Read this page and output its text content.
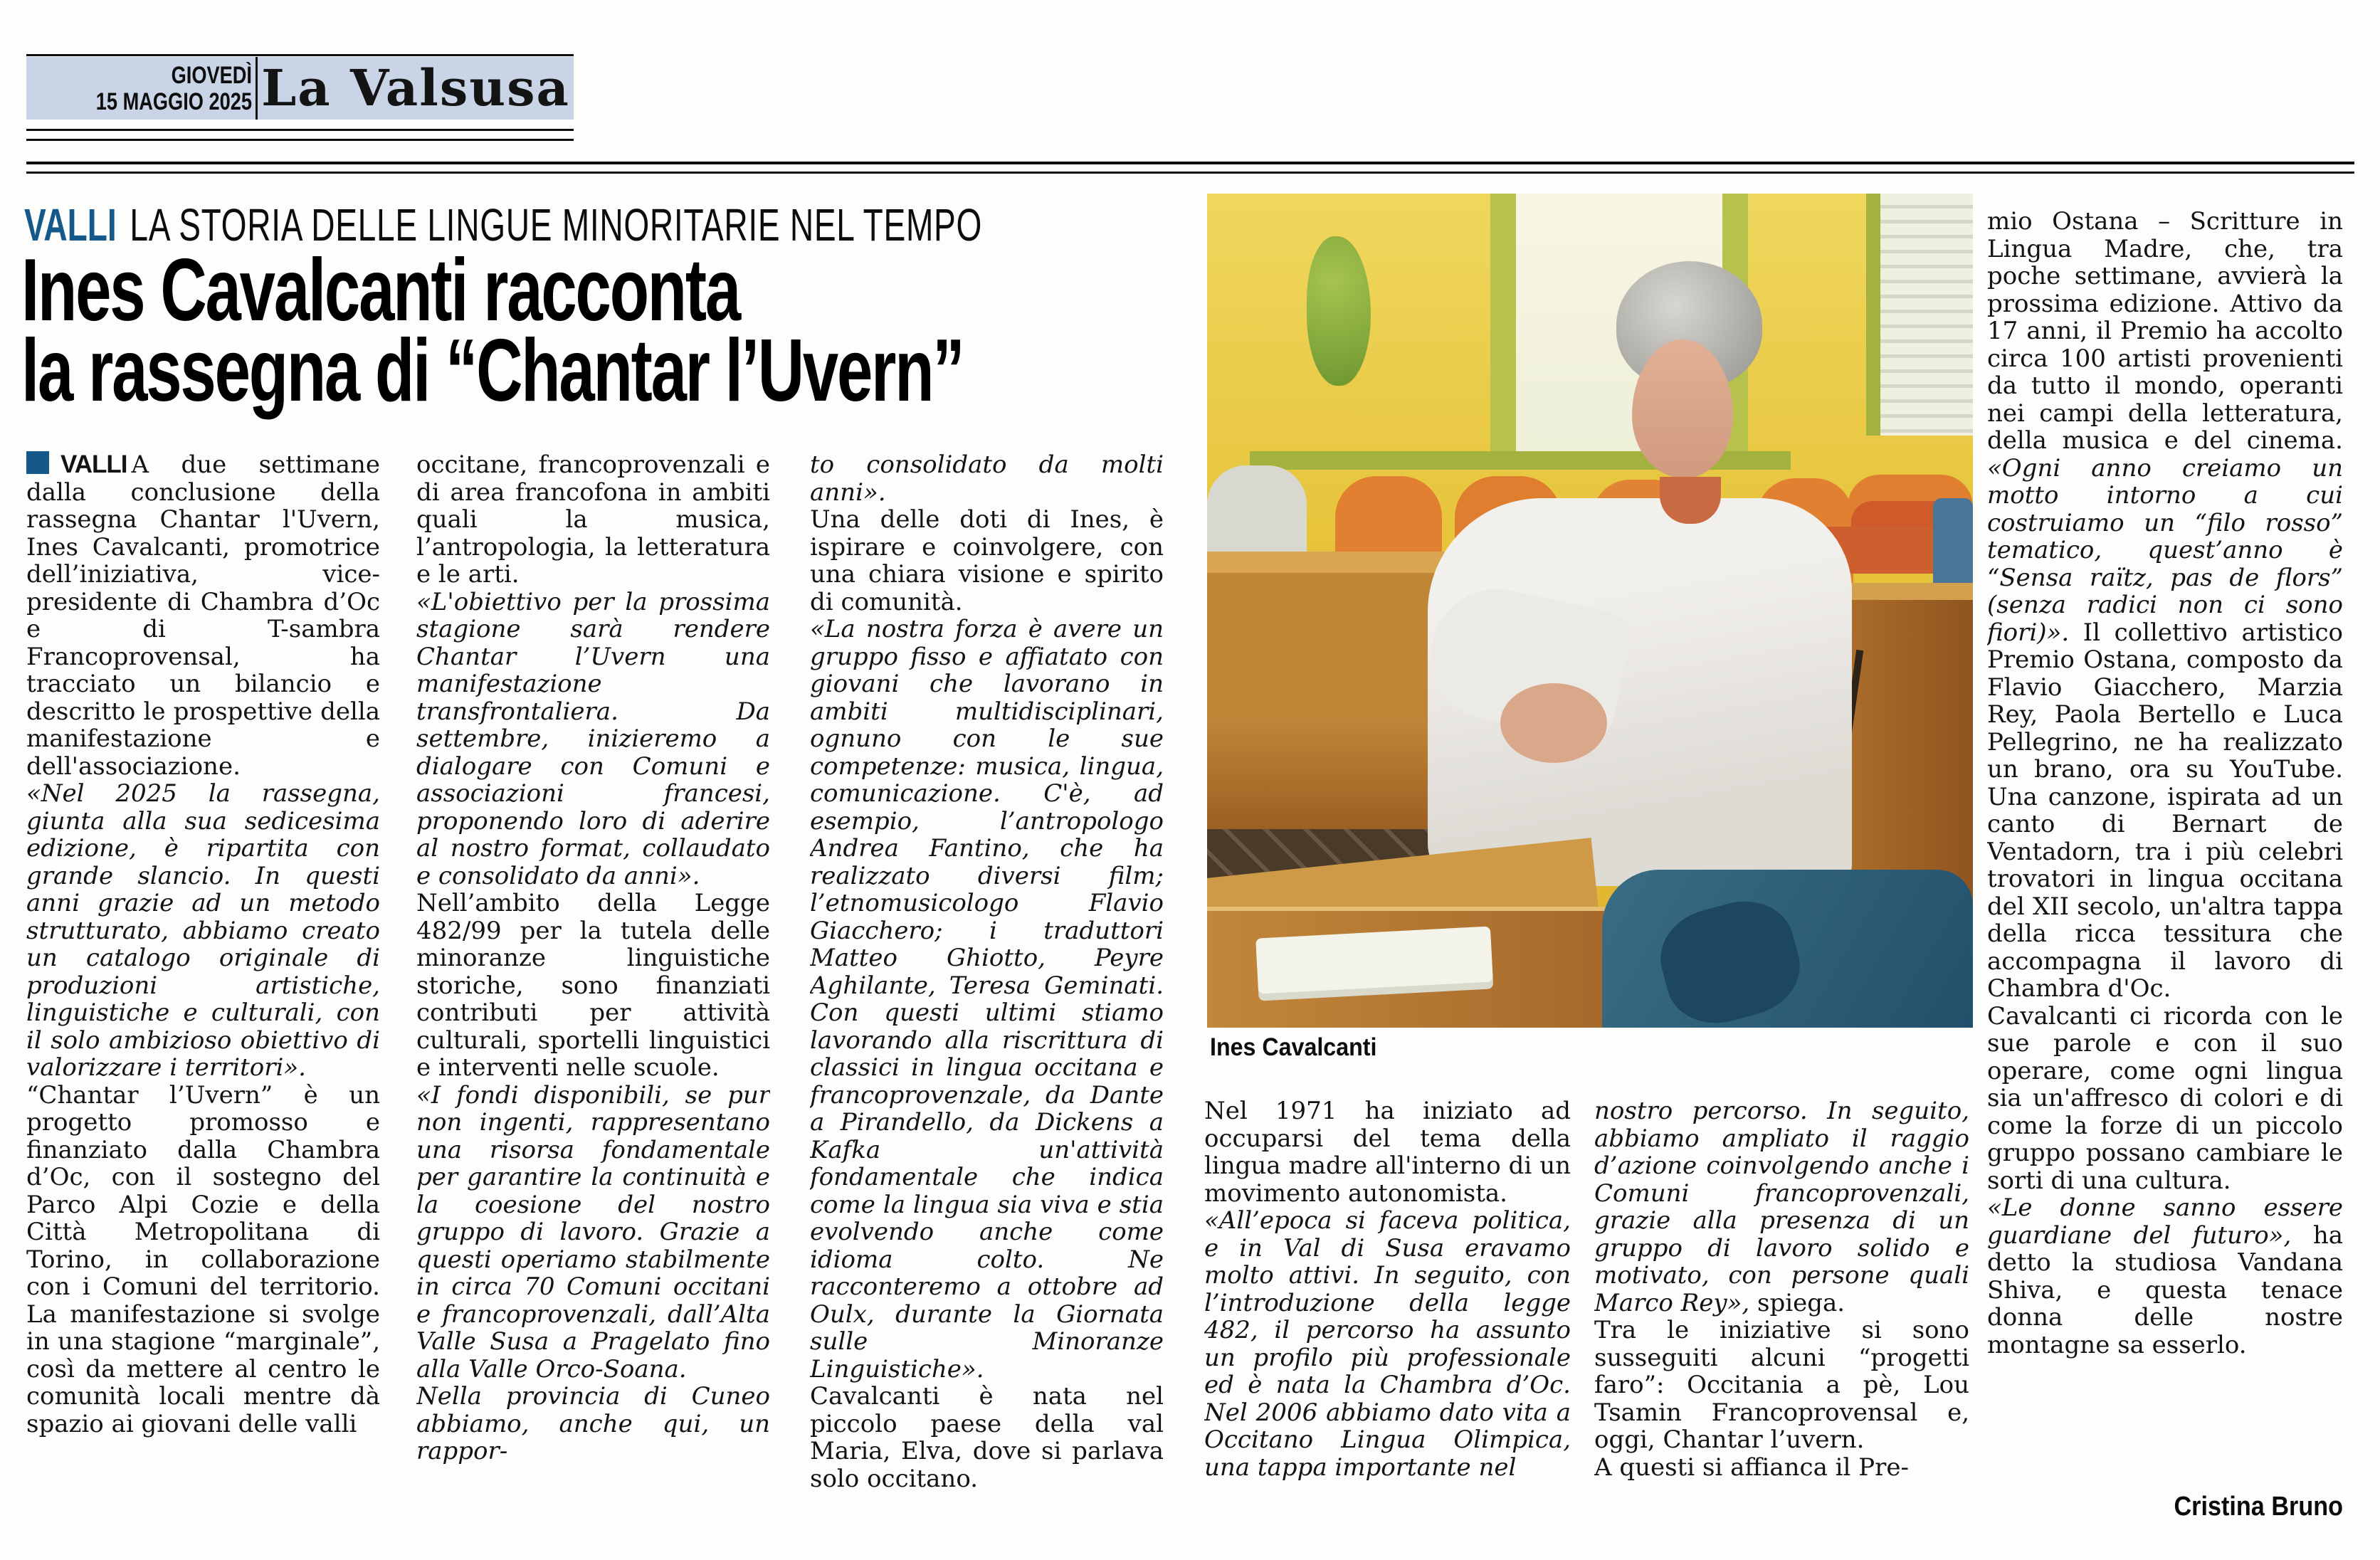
GIOVEDÌ
15 MAGGIO 2025 La Valsusa
VALLI LA STORIA DELLE LINGUE MINORITARIE NEL TEMPO
Ines Cavalcanti racconta
la rassegna di “Chantar l’Uvern”

VALLI A due settimane dalla conclusione della rassegna Chantar l'Uvern, Ines Cavalcanti, promotrice dell’iniziativa, vice-presidente di Chambra d’Oc e di T-sambra Francoprovensal, ha tracciato un bilancio e descritto le prospettive della manifestazione e dell'associazione.

«Nel 2025 la rassegna, giunta alla sua sedicesima edizione, è ripartita con grande slancio. In questi anni grazie ad un metodo strutturato, abbiamo creato un catalogo originale di produzioni artistiche, linguistiche e culturali, con il solo ambizioso obiettivo di valorizzare i territori».

“Chantar l’Uvern” è un progetto promosso e finanziato dalla Chambra d’Oc, con il sostegno del Parco Alpi Cozie e della Città Metropolitana di Torino, in collaborazione con i Comuni del territorio. La manifestazione si svolge in una stagione “marginale”, così da mettere al centro le comunità locali mentre dà spazio ai giovani delle valli

occitane, francoprovenzali e di area francofona in ambiti quali la musica, l’antropologia, la letteratura e le arti.

«L'obiettivo per la prossima stagione sarà rendere Chantar l’Uvern una manifestazione transfrontaliera. Da settembre, inizieremo a dialogare con Comuni e associazioni francesi, proponendo loro di aderire al nostro format, collaudato e consolidato da anni».

Nell’ambito della Legge 482/99 per la tutela delle minoranze linguistiche storiche, sono finanziati contributi per attività culturali, sportelli linguistici e interventi nelle scuole.

«I fondi disponibili, se pur non ingenti, rappresentano una risorsa fondamentale per garantire la continuità e la coesione del nostro gruppo di lavoro. Grazie a questi operiamo stabilmente in circa 70 Comuni occitani e francoprovenzali, dall’Alta Valle Susa a Pragelato fino alla Valle Orco-Soana.

Nella provincia di Cuneo abbiamo, anche qui, un rappor-

to consolidato da molti anni».

Una delle doti di Ines, è ispirare e coinvolgere, con una chiara visione e spirito di comunità.

«La nostra forza è avere un gruppo fisso e affiatato con giovani che lavorano in ambiti multidisciplinari, ognuno con le sue competenze: musica, lingua, comunicazione. C'è, ad esempio, l’antropologo Andrea Fantino, che ha realizzato diversi film; l’etnomusicologo Flavio Giacchero; i traduttori Matteo Ghiotto, Peyre Aghilante, Teresa Geminati. Con questi ultimi stiamo lavorando alla riscrittura di classici in lingua occitana e francoprovenzale, da Dante a Pirandello, da Dickens a Kafka un'attività fondamentale che indica come la lingua sia viva e stia evolvendo anche come idioma colto. Ne racconteremo a ottobre ad Oulx, durante la Giornata sulle Minoranze Linguistiche».

Cavalcanti è nata nel piccolo paese della val Maria, Elva, dove si parlava solo occitano.

Ines Cavalcanti

Nel 1971 ha iniziato ad occuparsi del tema della lingua madre all'interno di un movimento autonomista.

«All’epoca si faceva politica, e in Val di Susa eravamo molto attivi. In seguito, con l’introduzione della legge 482, il percorso ha assunto un profilo più professionale ed è nata la Chambra d’Oc. Nel 2006 abbiamo dato vita a Occitano Lingua Olimpica, una tappa importante nel

nostro percorso. In seguito, abbiamo ampliato il raggio d’azione coinvolgendo anche i Comuni francoprovenzali, grazie alla presenza di un gruppo di lavoro solido e motivato, con persone quali Marco Rey», spiega.

Tra le iniziative si sono susseguiti alcuni “progetti faro”: Occitania a pè, Lou Tsamin Francoprovensal e, oggi, Chantar l’uvern.

A questi si affianca il Pre-

mio Ostana – Scritture in Lingua Madre, che, tra poche settimane, avvierà la prossima edizione. Attivo da 17 anni, il Premio ha accolto circa 100 artisti provenienti da tutto il mondo, operanti nei campi della letteratura, della musica e del cinema. «Ogni anno creiamo un motto intorno a cui costruiamo un “filo rosso” tematico, quest’anno è “Sensa raïtz, pas de flors” (senza radici non ci sono fiori)». Il collettivo artistico Premio Ostana, composto da Flavio Giacchero, Marzia Rey, Paola Bertello e Luca Pellegrino, ne ha realizzato un brano, ora su YouTube. Una canzone, ispirata ad un canto di Bernart de Ventadorn, tra i più celebri trovatori in lingua occitana del XII secolo, un'altra tappa della ricca tessitura che accompagna il lavoro di Chambra d'Oc.

Cavalcanti ci ricorda con le sue parole e con il suo operare, come ogni lingua sia un'affresco di colori e di come la forze di un piccolo gruppo possano cambiare le sorti di una cultura.

«Le donne sanno essere guardiane del futuro», ha detto la studiosa Vandana Shiva, e questa tenace donna delle nostre montagne sa esserlo.

Cristina Bruno
